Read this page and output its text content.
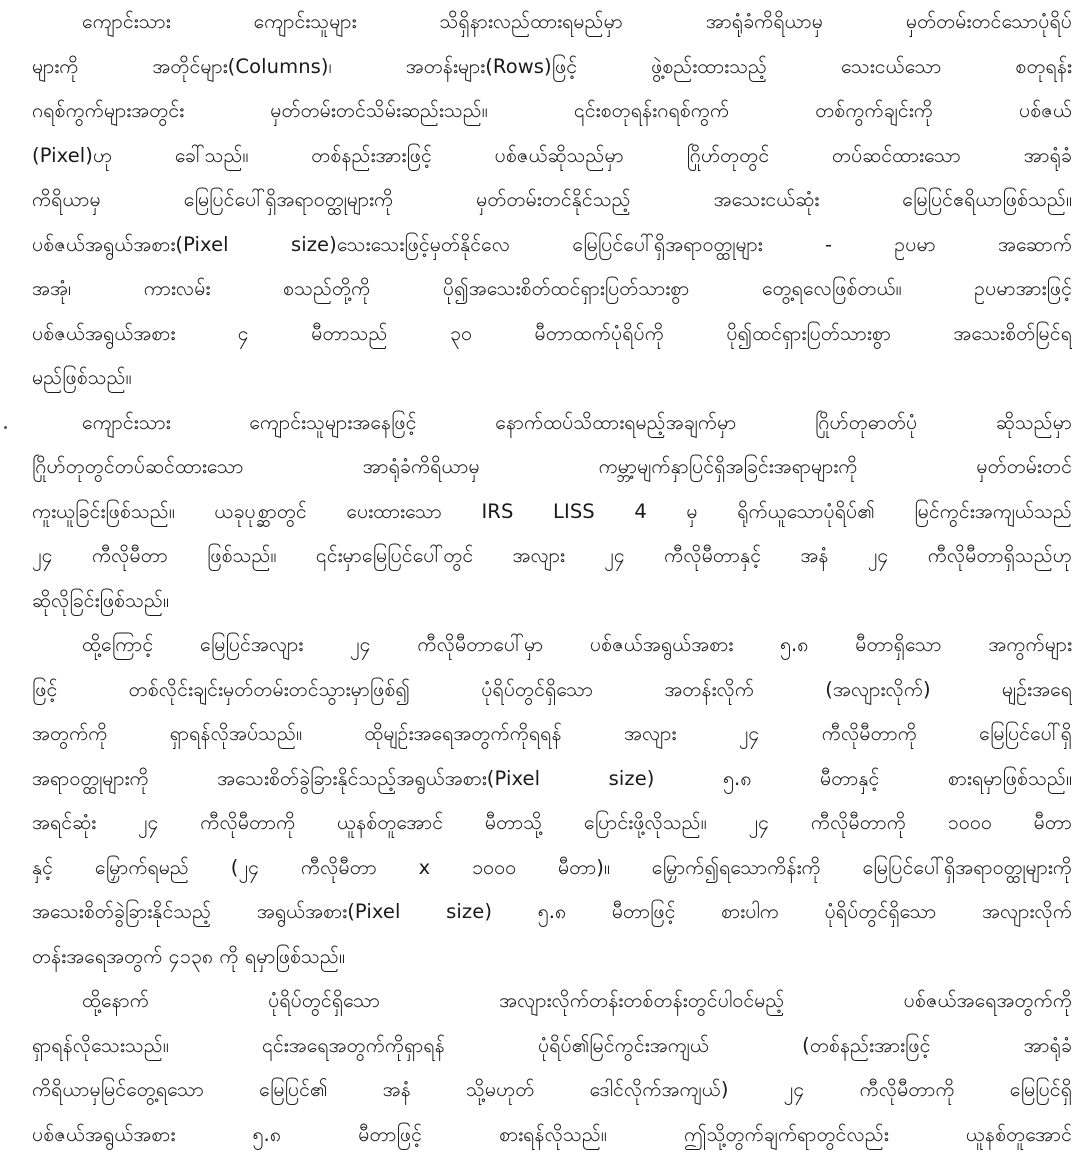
ကျောင်းသား ကျောင်းသူများ သိရှိနားလည်ထားရမည်မှာ အာရုံခံကိရိယာမှ မှတ်တမ်းတင်သောပုံရိပ်
များကို အတိုင်များ(Columns)၊ အတန်းများ(Rows)ဖြင့် ဖွဲ့စည်းထားသည့် သေးငယ်သော စတုရန်း
ဂရစ်ကွက်များအတွင်း မှတ်တမ်းတင်သိမ်းဆည်းသည်။ ၎င်းစတုရန်းဂရစ်ကွက် တစ်ကွက်ချင်းကို ပစ်ဇယ်
(Pixel)ဟု ခေါ်သည်။ တစ်နည်းအားဖြင့် ပစ်ဇယ်ဆိုသည်မှာ ဂြိုဟ်တုတွင် တပ်ဆင်ထားသော အာရုံခံ
ကိရိယာမှ မြေပြင်ပေါ်ရှိအရာဝတ္ထုများကို မှတ်တမ်းတင်နိုင်သည့် အသေးငယ်ဆုံး မြေပြင်ဧရိယာဖြစ်သည်။
ပစ်ဇယ်အရွယ်အစား(Pixel size)သေးသေးဖြင့်မှတ်နိုင်လေ မြေပြင်ပေါ်ရှိအရာဝတ္ထုများ - ဥပမာ အဆောက်
အအုံ၊ ကားလမ်း စသည်တို့ကို ပို၍အသေးစိတ်ထင်ရှားပြတ်သားစွာ တွေ့ရလေဖြစ်တယ်။ ဥပမာအားဖြင့်
ပစ်ဇယ်အရွယ်အစား ၄ မီတာသည် ၃၀ မီတာထက်ပုံရိပ်ကို ပို၍ထင်ရှားပြတ်သားစွာ အသေးစိတ်မြင်ရ
မည်ဖြစ်သည်။
ကျောင်းသား ကျောင်းသူများအနေဖြင့် နောက်ထပ်သိထားရမည့်အချက်မှာ ဂြိုဟ်တုဓာတ်ပုံ ဆိုသည်မှာ
ဂြိုဟ်တုတွင်တပ်ဆင်ထားသော အာရုံခံကိရိယာမှ ကမ္ဘာ့မျက်နှာပြင်ရှိအခြင်းအရာများကို မှတ်တမ်းတင်
ကူးယူခြင်းဖြစ်သည်။ ယခုပုစ္ဆာတွင် ပေးထားသော IRS LISS 4 မှ ရိုက်ယူသောပုံရိပ်၏ မြင်ကွင်းအကျယ်သည်
၂၄ ကီလိုမီတာ ဖြစ်သည်။ ၎င်းမှာမြေပြင်ပေါ်တွင် အလျား ၂၄ ကီလိုမီတာနှင့် အနံ ၂၄ ကီလိုမီတာရှိသည်ဟု
ဆိုလိုခြင်းဖြစ်သည်။
ထို့ကြောင့် မြေပြင်အလျား ၂၄ ကီလိုမီတာပေါ်မှာ ပစ်ဇယ်အရွယ်အစား ၅.၈ မီတာရှိသော အကွက်များ
ဖြင့် တစ်လိုင်းချင်းမှတ်တမ်းတင်သွားမှာဖြစ်၍ ပုံရိပ်တွင်ရှိသော အတန်းလိုက် (အလျားလိုက်) မျဉ်းအရေ
အတွက်ကို ရှာရန်လိုအပ်သည်။ ထိုမျဉ်းအရေအတွက်ကိုရရန် အလျား ၂၄ ကီလိုမီတာကို မြေပြင်ပေါ်ရှိ
အရာဝတ္ထုများကို အသေးစိတ်ခွဲခြားနိုင်သည့်အရွယ်အစား(Pixel size) ၅.၈ မီတာနှင့် စားရမှာဖြစ်သည်။
အရင်ဆုံး ၂၄ ကီလိုမီတာကို ယူနစ်တူအောင် မီတာသို့ ပြောင်းဖို့လိုသည်။ ၂၄ ကီလိုမီတာကို ၁၀၀၀ မီတာ
နှင့် မြှောက်ရမည် (၂၄ ကီလိုမီတာ x ၁၀၀၀ မီတာ)။ မြှောက်၍ရသောကိန်းကို မြေပြင်ပေါ်ရှိအရာဝတ္ထုများကို
အသေးစိတ်ခွဲခြားနိုင်သည့် အရွယ်အစား(Pixel size) ၅.၈ မီတာဖြင့် စားပါက ပုံရိပ်တွင်ရှိသော အလျားလိုက်
တန်းအရေအတွက် ၄၁၃၈ ကို ရမှာဖြစ်သည်။
ထို့နောက် ပုံရိပ်တွင်ရှိသော အလျားလိုက်တန်းတစ်တန်းတွင်ပါဝင်မည့် ပစ်ဇယ်အရေအတွက်ကို
ရှာရန်လိုသေးသည်။ ၎င်းအရေအတွက်ကိုရှာရန် ပုံရိပ်၏မြင်ကွင်းအကျယ် (တစ်နည်းအားဖြင့် အာရုံခံ
ကိရိယာမှမြင်တွေ့ရသော မြေပြင်၏ အနံ သို့မဟုတ် ဒေါင်လိုက်အကျယ်) ၂၄ ကီလိုမီတာကို မြေပြင်ရှိ
ပစ်ဇယ်အရွယ်အစား ၅.၈ မီတာဖြင့် စားရန်လိုသည်။ ဤသို့တွက်ချက်ရာတွင်လည်း ယူနစ်တူအောင်
